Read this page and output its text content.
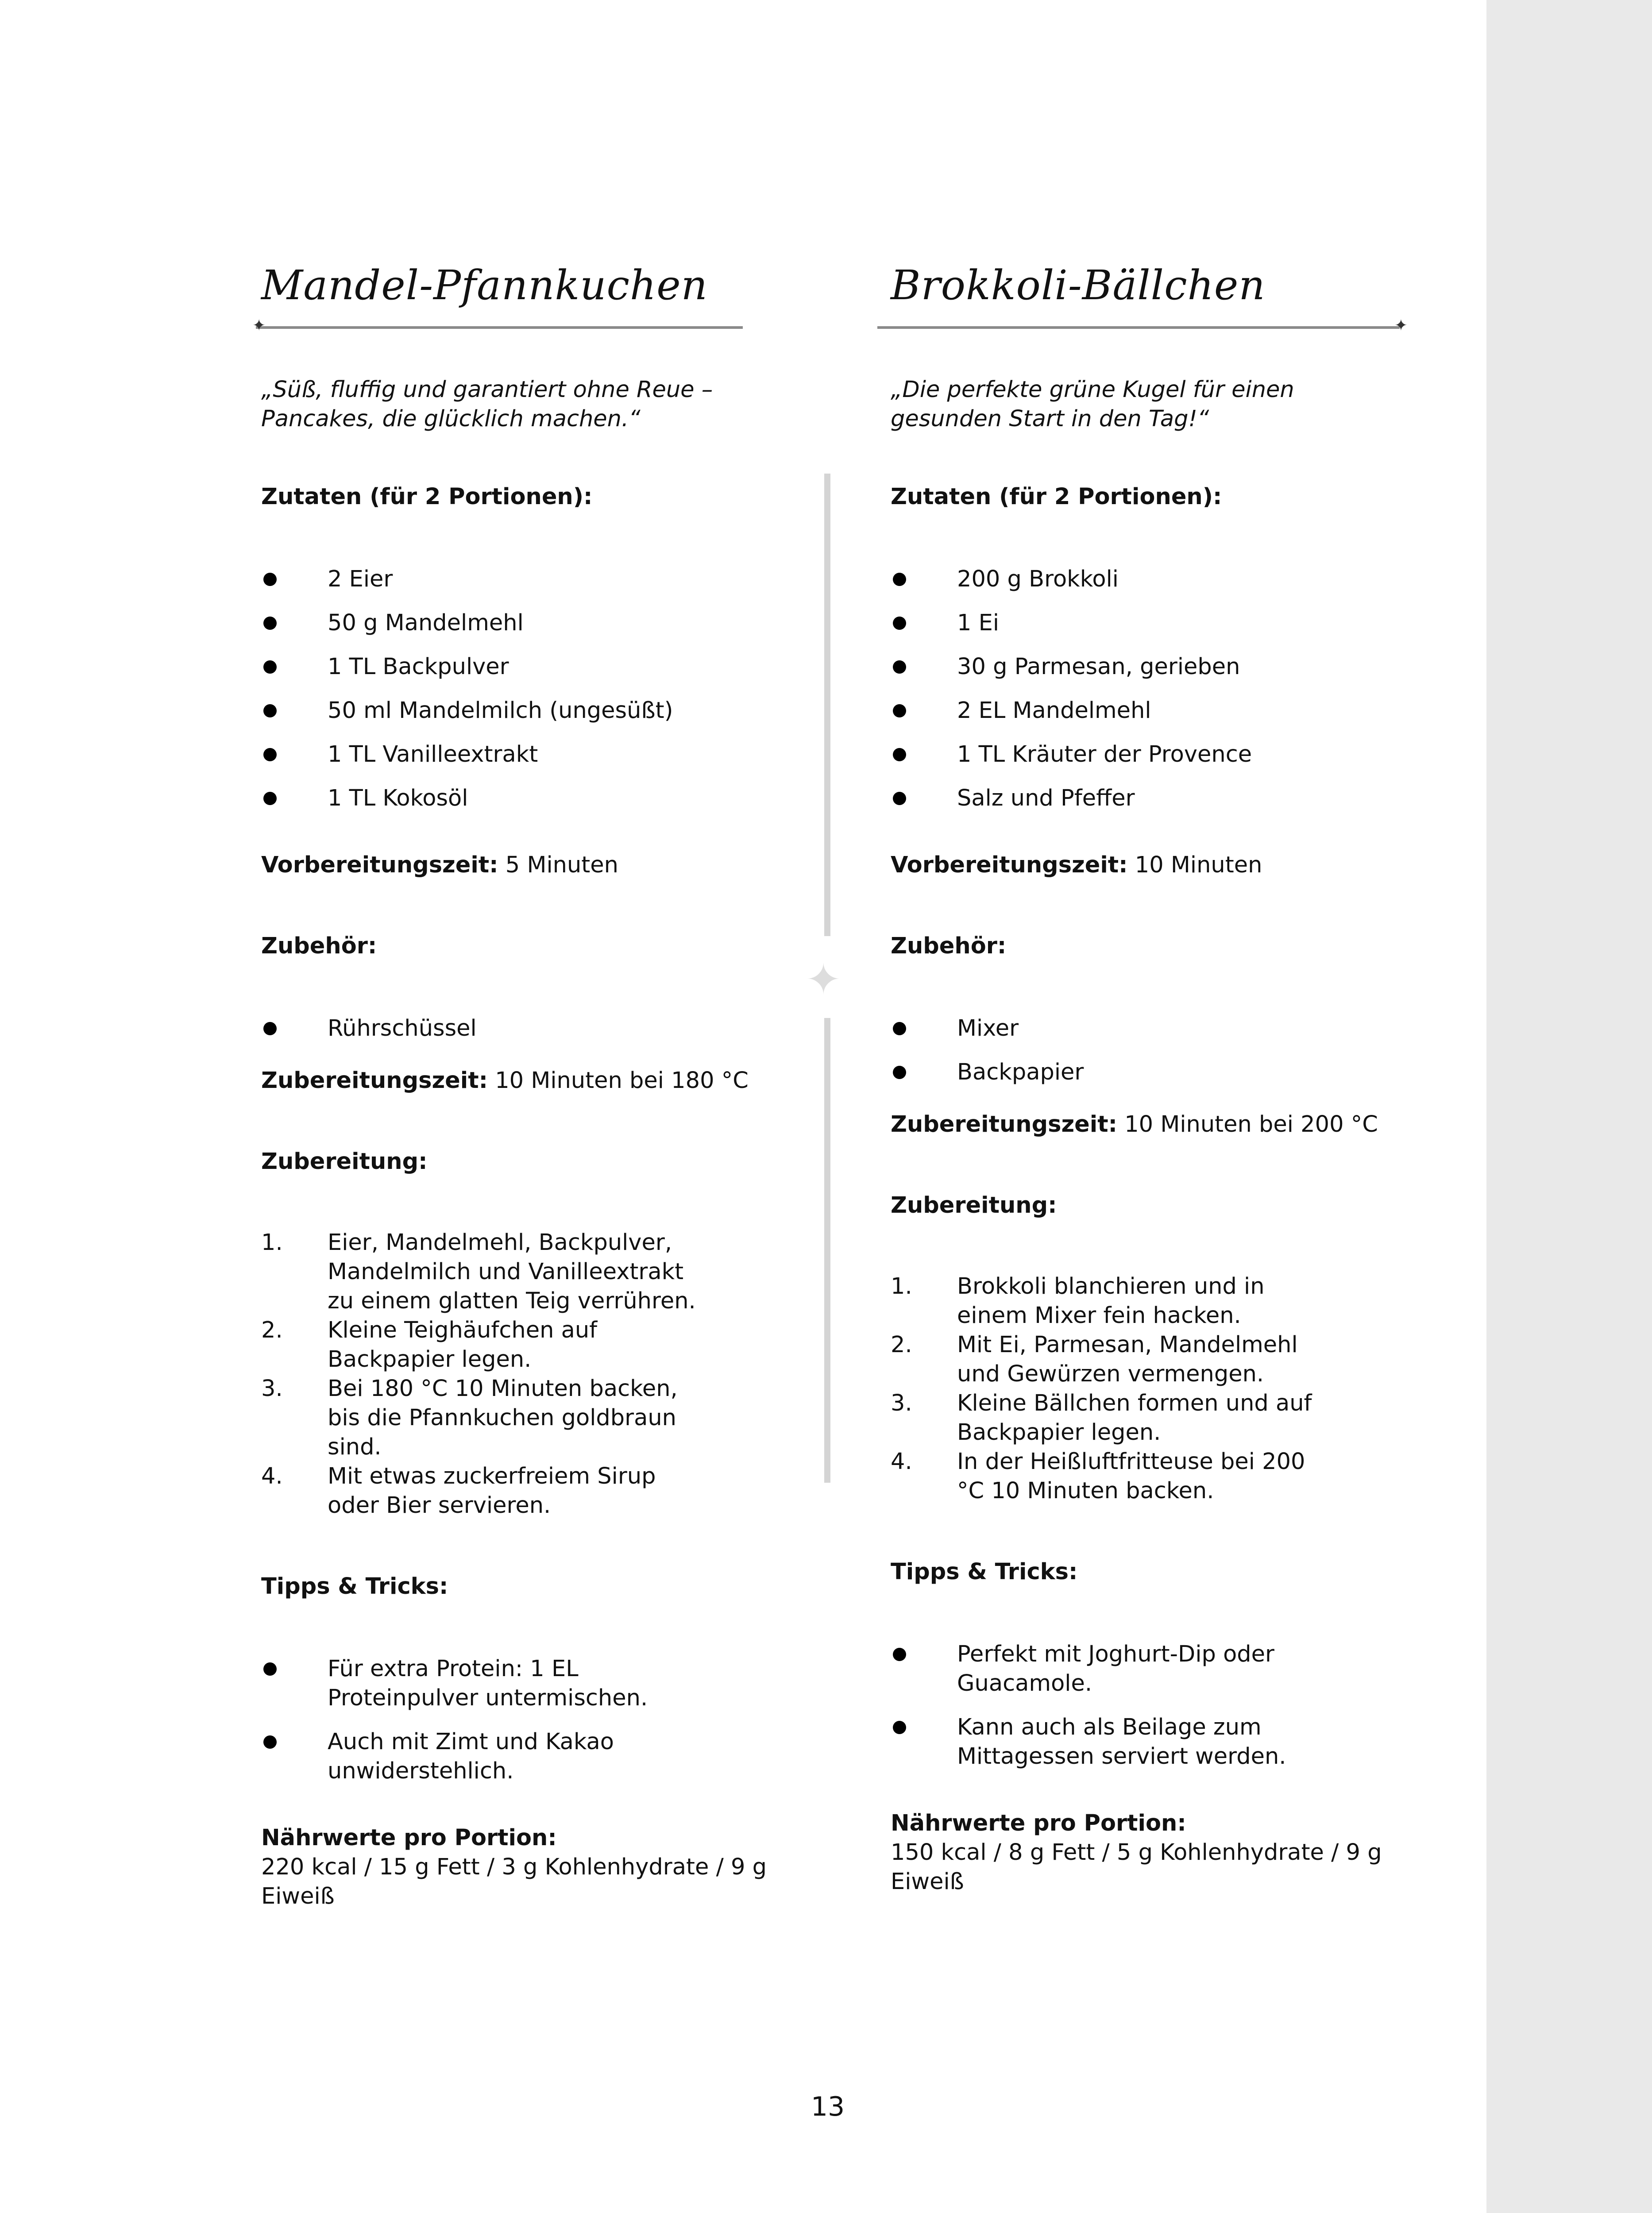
Mandel-Pfannkuchen
✦

„Süß, fluffig und garantiert ohne Reue –
Pancakes, die glücklich machen.“

Zutaten (für 2 Portionen):

2 Eier
50 g Mandelmehl
1 TL Backpulver
50 ml Mandelmilch (ungesüßt)
1 TL Vanilleextrakt
1 TL Kokosöl

Vorbereitungszeit: 5 Minuten

Zubehör:

Rührschüssel

Zubereitungszeit: 10 Minuten bei 180 °C

Zubereitung:

1. Eier, Mandelmehl, Backpulver, Mandelmilch und Vanilleextrakt zu einem glatten Teig verrühren.
2. Kleine Teighäufchen auf Backpapier legen.
3. Bei 180 °C 10 Minuten backen, bis die Pfannkuchen goldbraun sind.
4. Mit etwas zuckerfreiem Sirup oder Bier servieren.

Tipps & Tricks:

Für extra Protein: 1 EL Proteinpulver untermischen.
Auch mit Zimt und Kakao unwiderstehlich.

Nährwerte pro Portion:

220 kcal / 15 g Fett / 3 g Kohlenhydrate / 9 g Eiweiß

Brokkoli-Bällchen
✦

„Die perfekte grüne Kugel für einen
gesunden Start in den Tag!“

Zutaten (für 2 Portionen):

200 g Brokkoli
1 Ei
30 g Parmesan, gerieben
2 EL Mandelmehl
1 TL Kräuter der Provence
Salz und Pfeffer

Vorbereitungszeit: 10 Minuten

Zubehör:

Mixer
Backpapier

Zubereitungszeit: 10 Minuten bei 200 °C

Zubereitung:

1. Brokkoli blanchieren und in einem Mixer fein hacken.
2. Mit Ei, Parmesan, Mandelmehl und Gewürzen vermengen.
3. Kleine Bällchen formen und auf Backpapier legen.
4. In der Heißluftfritteuse bei 200 °C 10 Minuten backen.

Tipps & Tricks:

Perfekt mit Joghurt-Dip oder Guacamole.
Kann auch als Beilage zum Mittagessen serviert werden.

Nährwerte pro Portion:

150 kcal / 8 g Fett / 5 g Kohlenhydrate / 9 g Eiweiß

✦
13
